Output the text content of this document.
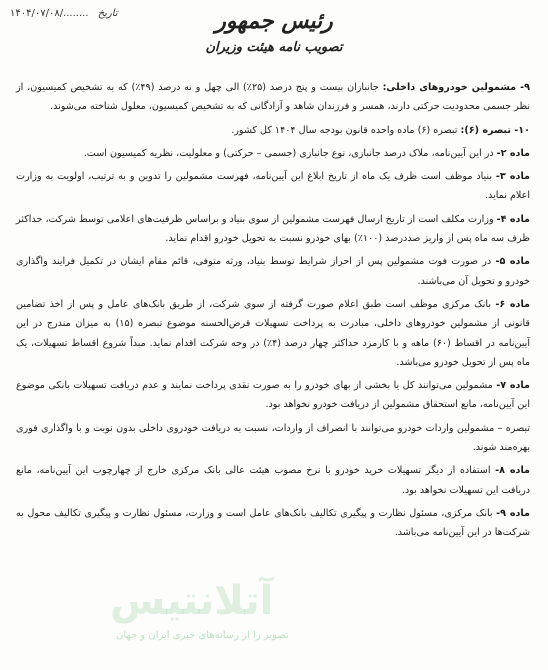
۱۴۰۴/۰۷/۰۸/........ تاریخ	رئیس جمهور
تصویب نامه هیئت وزیران

۹- مشمولین خودروهای داخلی: جانبازان بیست و پنج درصد (۲۵٪) الی چهل و نه درصد (۴۹٪) که به تشخیص کمیسیون، از نظر جسمی محدودیت حرکتی دارند، همسر و فرزندان شاهد و آزادگانی که به تشخیص کمیسیون، معلول شناخته می‌شوند.

۱۰- تبصره (۶): تبصره (۶) ماده واحده قانون بودجه سال ۱۴۰۴ کل کشور.

ماده ۲- در این آیین‌نامه، ملاک درصد جانبازی، نوع جانبازی (جسمی – حرکتی) و معلولیت، نظریه کمیسیون است.

ماده ۳- بنیاد موظف است ظرف یک ماه از تاریخ ابلاغ این آیین‌نامه، فهرست مشمولین را تدوین و به ترتیب، اولویت به وزارت اعلام نماید.

ماده ۴- وزارت مکلف است از تاریخ ارسال فهرست مشمولین از سوی بنیاد و براساس ظرفیت‌های اعلامی توسط شرکت، حداکثر ظرف سه ماه پس از واریز صددرصد (۱۰۰٪) بهای خودرو نسبت به تحویل خودرو اقدام نماید.

ماده ۵- در صورت فوت مشمولین پس از احراز شرایط توسط بنیاد، ورثه متوفی، قائم مقام ایشان در تکمیل فرایند واگذاری خودرو و تحویل آن می‌باشند.

ماده ۶- بانک مرکزی موظف است طبق اعلام صورت گرفته از سوی شرکت، از طریق بانک‌های عامل و پس از اخذ تضامین قانونی از مشمولین خودروهای داخلی، مبادرت به پرداخت تسهیلات قرض‌الحسنه موضوع تبصره (۱۵) به میزان مندرج در این آیین‌نامه در اقساط (۶۰) ماهه و با کارمزد حداکثر چهار درصد (۴٪) در وجه شرکت اقدام نماید. مبداً شروع اقساط تسهیلات، یک ماه پس از تحویل خودرو می‌باشد.

ماده ۷- مشمولین می‌توانند کل یا بخشی از بهای خودرو را به صورت نقدی پرداخت نمایند و عدم دریافت تسهیلات بانکی موضوع این آیین‌نامه، مانع استحقاق مشمولین از دریافت خودرو نخواهد بود.

تبصره – مشمولین واردات خودرو می‌توانند با انصراف از واردات، نسبت به دریافت خودروی داخلی بدون نوبت و با واگذاری فوری بهره‌مند شوند.

ماده ۸- استفاده از دیگر تسهیلات خرید خودرو با نرخ مصوب هیئت عالی بانک مرکزی خارج از چهارچوب این آیین‌نامه، مانع دریافت این تسهیلات نخواهد بود.

ماده ۹- بانک مرکزی، مسئول نظارت و پیگیری تکالیف بانک‌های عامل است و وزارت، مسئول نظارت و پیگیری تکالیف محول به شرکت‌ها در این آیین‌نامه می‌باشد.

آتلانتیس
تصویر را از رسانه‌های خبری ایران و جهان
